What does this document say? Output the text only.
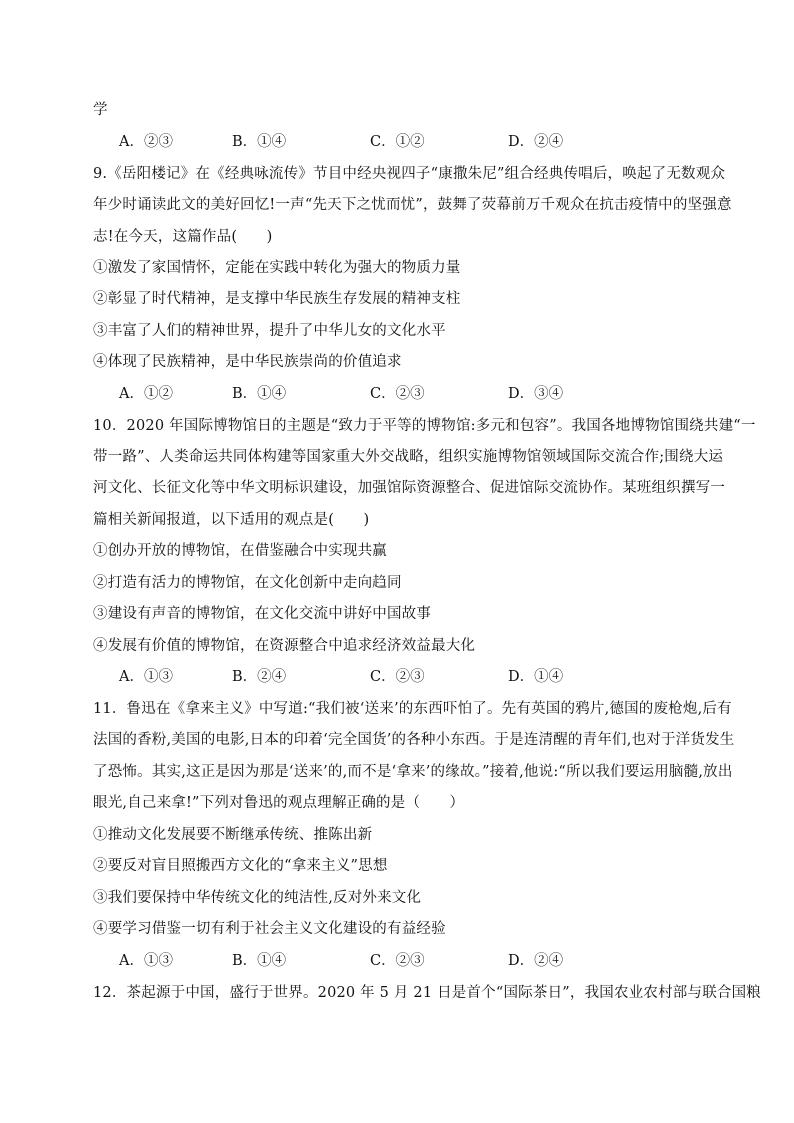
学
A．②③	B．①④	C．①②	D．②④
9.《岳阳楼记》在《经典咏流传》节目中经央视四子“康撒朱尼”组合经典传唱后，唤起了无数观众
年少时诵读此文的美好回忆!一声“先天下之忧而忧”，鼓舞了荧幕前万千观众在抗击疫情中的坚强意
志!在今天，这篇作品(　　)
①激发了家国情怀，定能在实践中转化为强大的物质力量
②彰显了时代精神，是支撑中华民族生存发展的精神支柱
③丰富了人们的精神世界，提升了中华儿女的文化水平
④体现了民族精神，是中华民族崇尚的价值追求
A．①②	B．①④	C．②③	D．③④
10．2020 年国际博物馆日的主题是“致力于平等的博物馆:多元和包容”。我国各地博物馆围绕共建“一
带一路”、人类命运共同体构建等国家重大外交战略，组织实施博物馆领域国际交流合作;围绕大运
河文化、长征文化等中华文明标识建设，加强馆际资源整合、促进馆际交流协作。某班组织撰写一
篇相关新闻报道，以下适用的观点是(　　)
①创办开放的博物馆，在借鉴融合中实现共赢
②打造有活力的博物馆，在文化创新中走向趋同
③建设有声音的博物馆，在文化交流中讲好中国故事
④发展有价值的博物馆，在资源整合中追求经济效益最大化
A．①③	B．②④	C．②③	D．①④
11．鲁迅在《拿来主义》中写道:“我们被‘送来’的东西吓怕了。先有英国的鸦片,德国的废枪炮,后有
法国的香粉,美国的电影,日本的印着‘完全国货’的各种小东西。于是连清醒的青年们,也对于洋货发生
了恐怖。其实,这正是因为那是‘送来’的,而不是‘拿来’的缘故。”接着,他说:“所以我们要运用脑髓,放出
眼光,自己来拿!”下列对鲁迅的观点理解正确的是（　　）
①推动文化发展要不断继承传统、推陈出新
②要反对盲目照搬西方文化的“拿来主义”思想
③我们要保持中华传统文化的纯洁性,反对外来文化
④要学习借鉴一切有利于社会主义文化建设的有益经验
A．①③	B．①④	C．②③	D．②④
12．茶起源于中国，盛行于世界。2020 年 5 月 21 日是首个“国际茶日”，我国农业农村部与联合国粮
